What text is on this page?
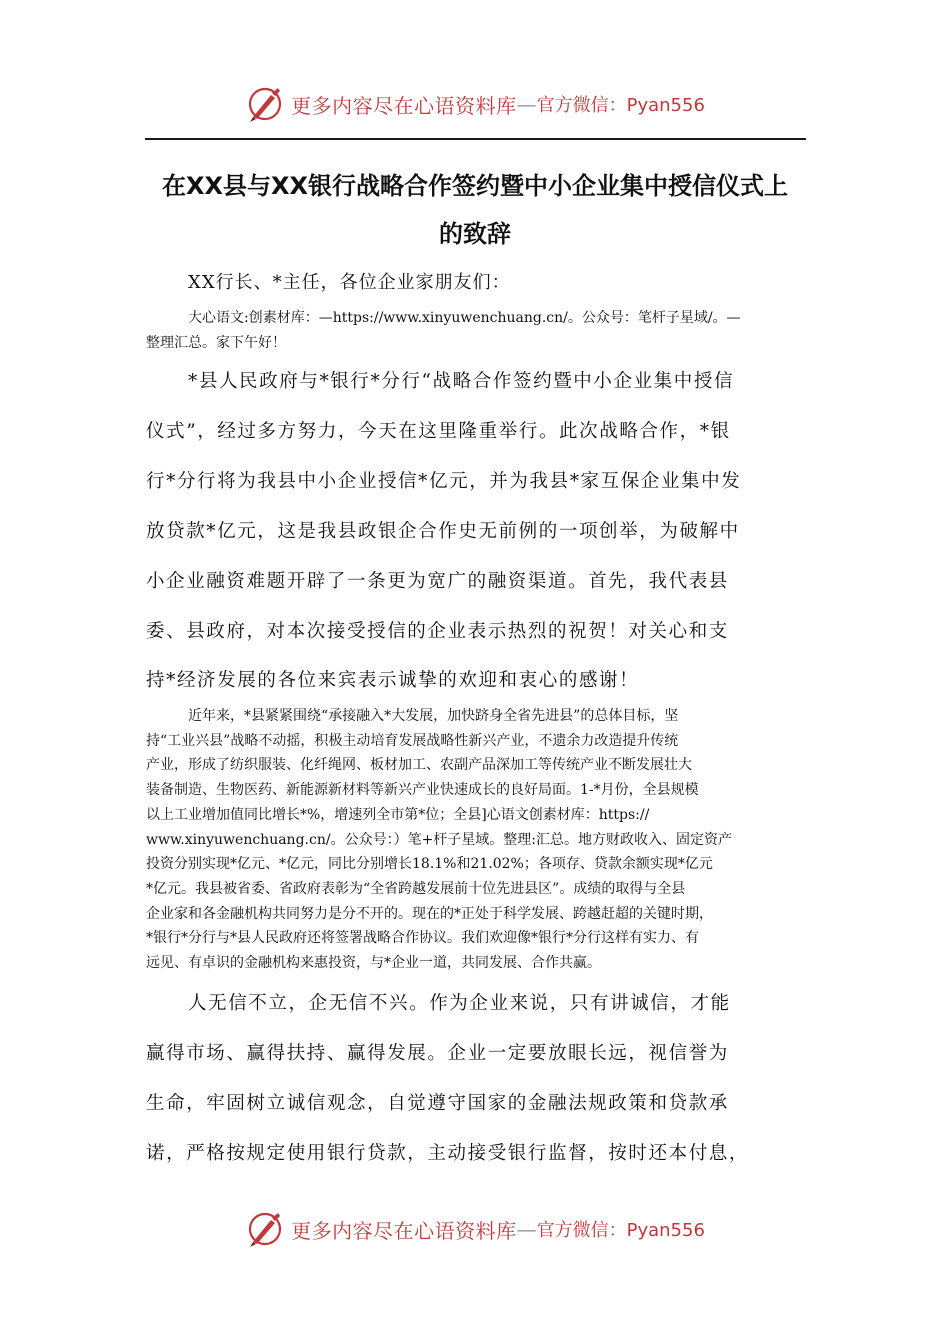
更多内容尽在心语资料库 — 官方微信：Pyan556
在XX县与XX银行战略合作签约暨中小企业集中授信仪式上
的致辞
XX行长、*主任，各位企业家朋友们：
大心语文:创素材库：—https://www.xinyuwenchuang.cn/。公众号：笔杆子星域/。—
整理汇总。家下午好！
*县人民政府与*银行*分行“战略合作签约暨中小企业集中授信
仪式”，经过多方努力，今天在这里隆重举行。此次战略合作，*银
行*分行将为我县中小企业授信*亿元，并为我县*家互保企业集中发
放贷款*亿元，这是我县政银企合作史无前例的一项创举，为破解中
小企业融资难题开辟了一条更为宽广的融资渠道。首先，我代表县
委、县政府，对本次接受授信的企业表示热烈的祝贺！对关心和支
持*经济发展的各位来宾表示诚挚的欢迎和衷心的感谢！
近年来，*县紧紧围绕“承接融入*大发展，加快跻身全省先进县”的总体目标，坚
持“工业兴县”战略不动摇，积极主动培育发展战略性新兴产业，不遗余力改造提升传统
产业，形成了纺织服装、化纤绳网、板材加工、农副产品深加工等传统产业不断发展壮大
装备制造、生物医药、新能源新材料等新兴产业快速成长的良好局面。1-*月份，全县规模
以上工业增加值同比增长*%，增速列全市第*位；全县]心语文创素材库：https://
www.xinyuwenchuang.cn/。公众号：）笔+杆子星域。整理:汇总。地方财政收入、固定资产
投资分别实现*亿元、*亿元，同比分别增长18.1%和21.02%；各项存、贷款余额实现*亿元
*亿元。我县被省委、省政府表彰为“全省跨越发展前十位先进县区”。成绩的取得与全县
企业家和各金融机构共同努力是分不开的。现在的*正处于科学发展、跨越赶超的关键时期，
*银行*分行与*县人民政府还将签署战略合作协议。我们欢迎像*银行*分行这样有实力、有
远见、有卓识的金融机构来惠投资，与*企业一道，共同发展、合作共赢。
人无信不立，企无信不兴。作为企业来说，只有讲诚信，才能
赢得市场、赢得扶持、赢得发展。企业一定要放眼长远，视信誉为
生命，牢固树立诚信观念，自觉遵守国家的金融法规政策和贷款承
诺，严格按规定使用银行贷款，主动接受银行监督，按时还本付息，
更多内容尽在心语资料库 — 官方微信：Pyan556
